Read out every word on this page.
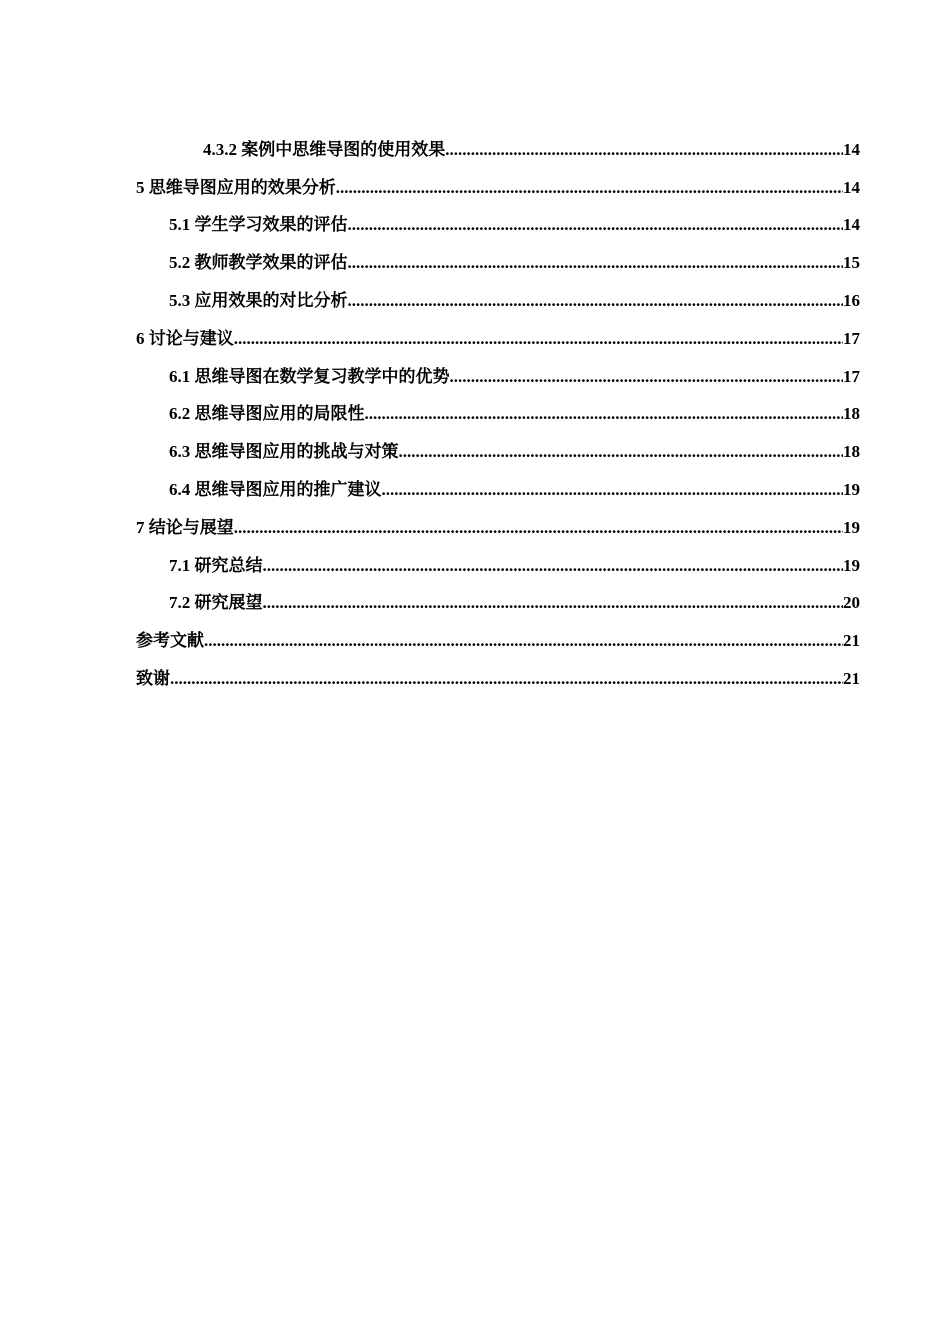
4.3.2 案例中思维导图的使用效果 .....	14
5 思维导图应用的效果分析 .....	14
5.1 学生学习效果的评估 .....	14
5.2 教师教学效果的评估 .....	15
5.3 应用效果的对比分析 .....	16
6 讨论与建议 .....	17
6.1 思维导图在数学复习教学中的优势 .....	17
6.2 思维导图应用的局限性 .....	18
6.3 思维导图应用的挑战与对策 .....	18
6.4 思维导图应用的推广建议 .....	19
7 结论与展望 .....	19
7.1 研究总结 .....	19
7.2 研究展望 .....	20
参考文献 .....	21
致谢 .....	21
